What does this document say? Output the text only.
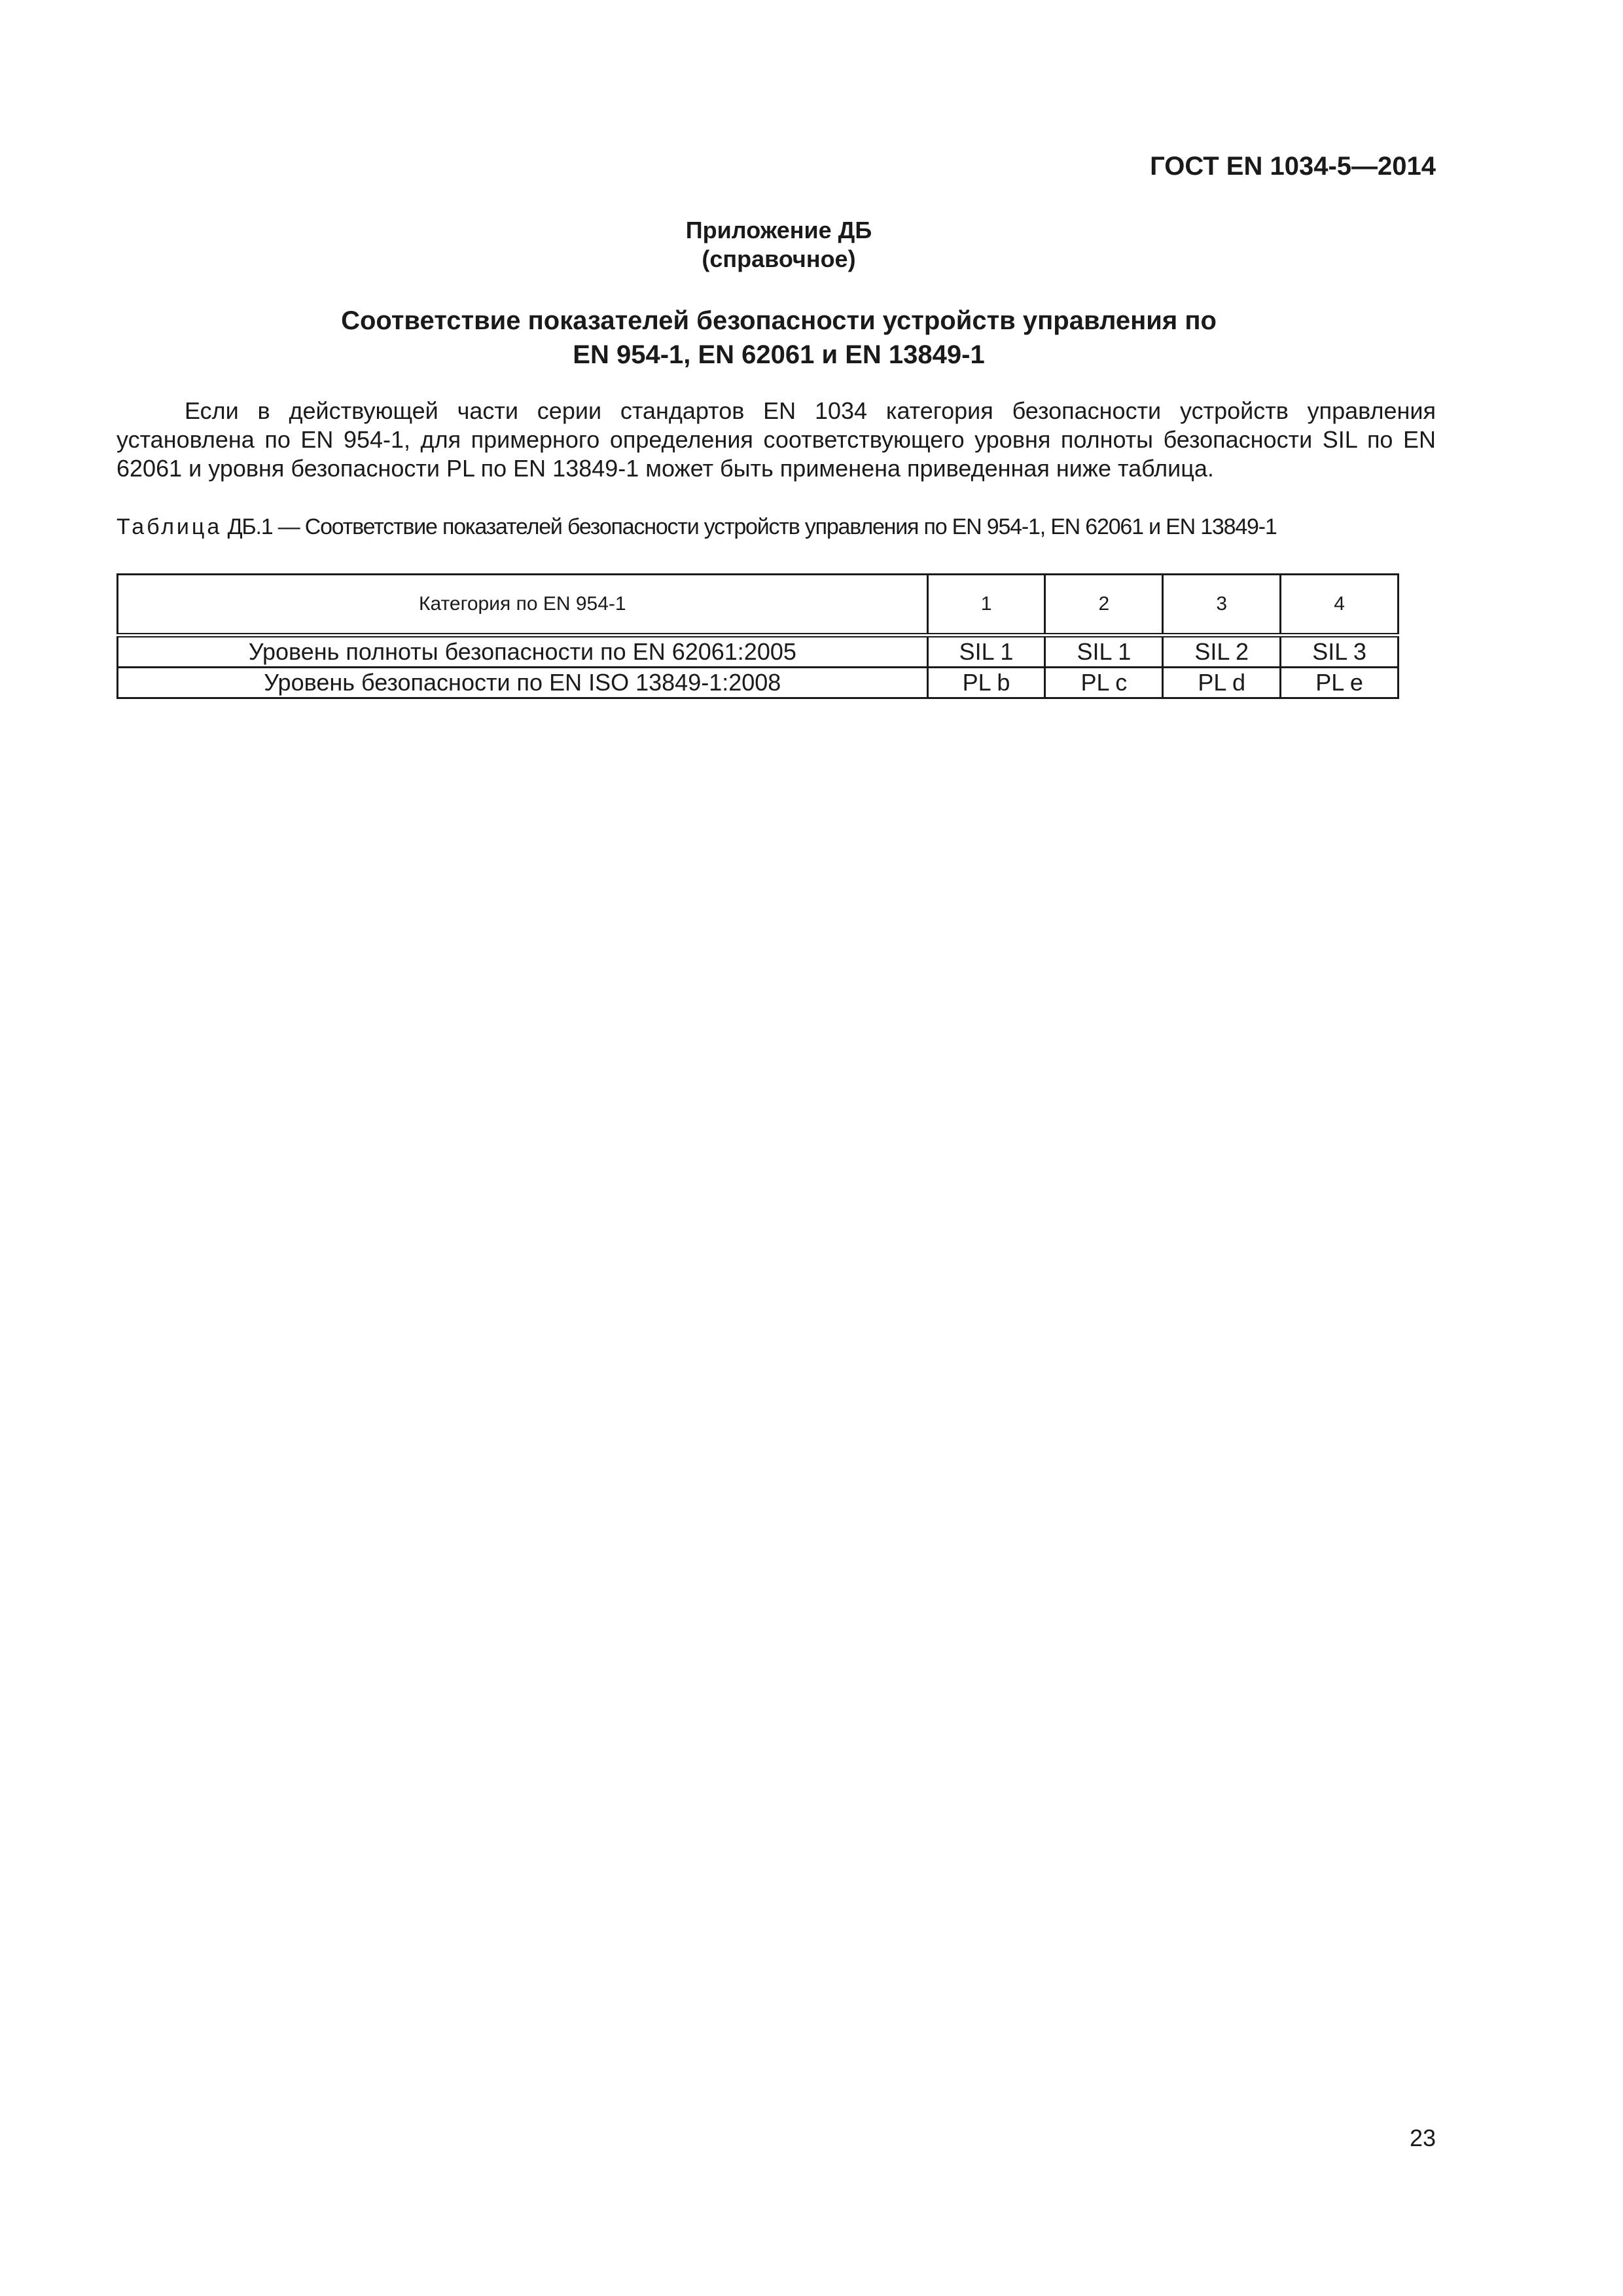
ГОСТ EN 1034-5—2014
Приложение ДБ
(справочное)
Соответствие показателей безопасности устройств управления по
EN 954-1, EN 62061 и EN 13849-1

Если в действующей части серии стандартов EN 1034 категория безопасности устройств управления установлена по EN 954-1, для примерного определения соответствующего уровня полноты безопасности SIL по EN 62061 и уровня безопасности PL по EN 13849-1 может быть применена приведенная ниже таблица.

Таблица ДБ.1 — Соответствие показателей безопасности устройств управления по EN 954-1, EN 62061 и EN 13849-1
Категория по EN 954-1	1	2	3	4
Уровень полноты безопасности по EN 62061:2005	SIL 1	SIL 1	SIL 2	SIL 3
Уровень безопасности по EN ISO 13849-1:2008	PL b	PL c	PL d	PL e
23
